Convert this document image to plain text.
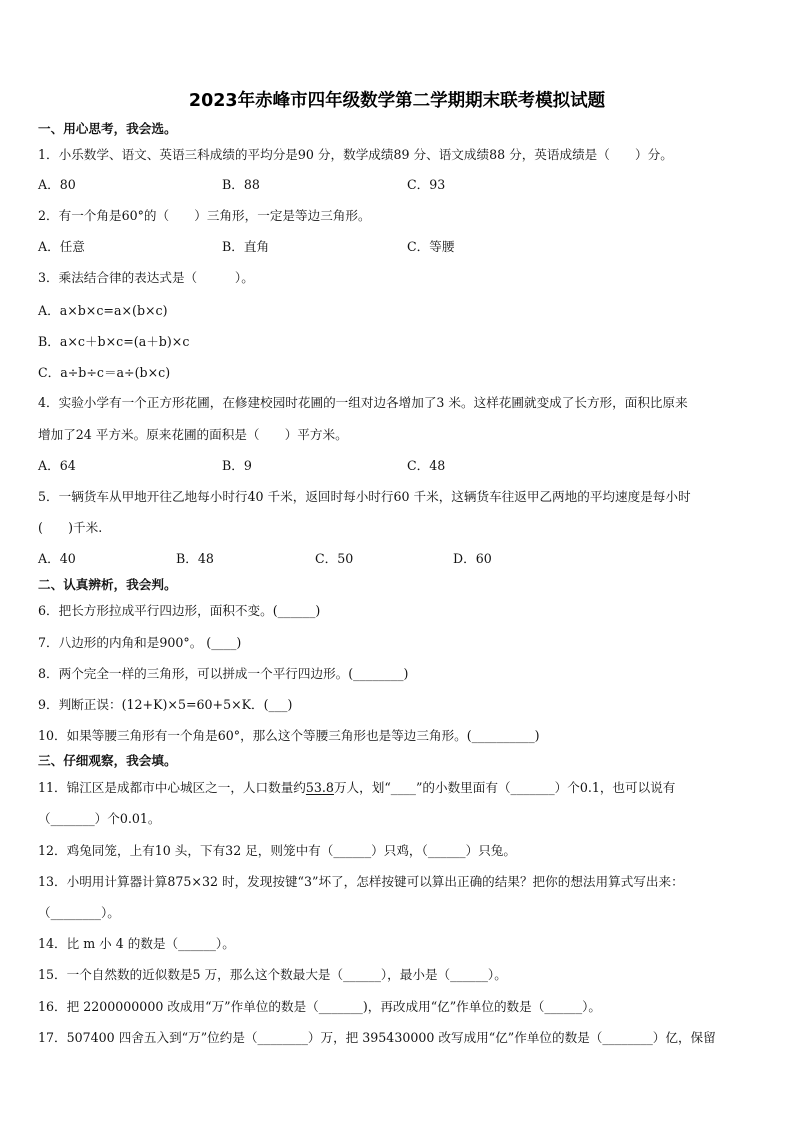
2023年赤峰市四年级数学第二学期期末联考模拟试题
一、用心思考，我会选。
1．小乐数学、语文、英语三科成绩的平均分是90 分，数学成绩89 分、语文成绩88 分，英语成绩是（　　）分。
A．80	B．88	C．93
2．有一个角是60°的（　　）三角形，一定是等边三角形。
A．任意	B．直角	C．等腰
3．乘法结合律的表达式是（　　　）。
A．a×b×c=a×(b×c)
B．a×c＋b×c=(a＋b)×c
C．a÷b÷c＝a÷(b×c)
4．实验小学有一个正方形花圃，在修建校园时花圃的一组对边各增加了3 米。这样花圃就变成了长方形，面积比原来
增加了24 平方米。原来花圃的面积是（　　）平方米。
A．64	B．9	C．48
5．一辆货车从甲地开往乙地每小时行40 千米，返回时每小时行60 千米，这辆货车往返甲乙两地的平均速度是每小时
(　　)千米.
A．40	B．48	C．50	D．60
二、认真辨析，我会判。
6．把长方形拉成平行四边形，面积不变。(______)
7．八边形的内角和是900°。 (____)
8．两个完全一样的三角形，可以拼成一个平行四边形。(________)
9．判断正误：(12+K)×5=60+5×K．(___)
10．如果等腰三角形有一个角是60°，那么这个等腰三角形也是等边三角形。(__________)
三、仔细观察，我会填。
11．锦江区是成都市中心城区之一，人口数量约53.8万人，划“____”的小数里面有（_______）个0.1，也可以说有
（_______）个0.01。
12．鸡兔同笼，上有10 头，下有32 足，则笼中有（______）只鸡，（______）只兔。
13．小明用计算器计算875×32 时，发现按键“3”坏了，怎样按键可以算出正确的结果？把你的想法用算式写出来：
（________）。
14．比 m 小 4 的数是（______）。
15．一个自然数的近似数是5 万，那么这个数最大是（______），最小是（______）。
16．把 2200000000 改成用“万”作单位的数是（_______)，再改成用“亿”作单位的数是（______）。
17．507400 四舍五入到“万”位约是（________）万，把 395430000 改写成用“亿”作单位的数是（________）亿，保留
